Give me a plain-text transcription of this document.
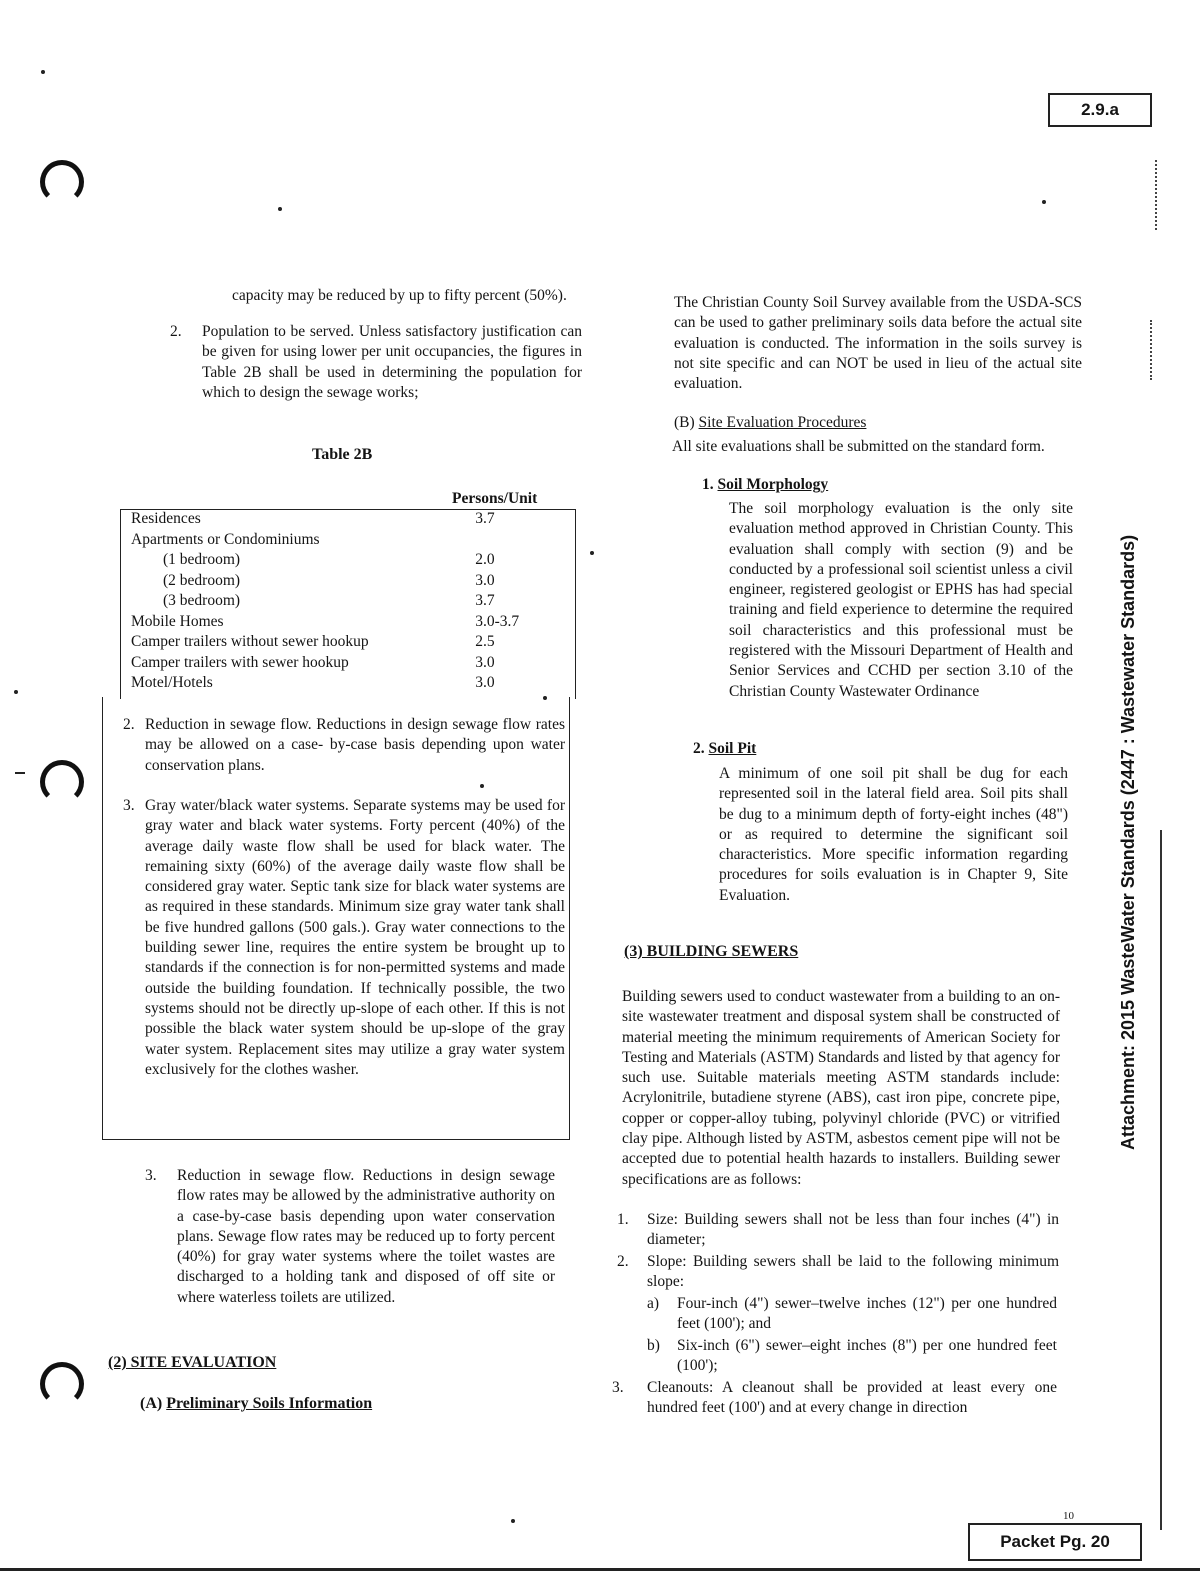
2.9.a
Attachment: 2015 WasteWater Standards (2447 : Wastewater Standards)
capacity may be reduced by up to fifty percent (50%).
2. Population to be served. Unless satisfactory justification can be given for using lower per unit occupancies, the figures in Table 2B shall be used in determining the population for which to design the sewage works;
Table 2B
Persons/Unit
Residences	3.7
Apartments or Condominiums
(1 bedroom)	2.0
(2 bedroom)	3.0
(3 bedroom)	3.7
Mobile Homes	3.0-3.7
Camper trailers without sewer hookup	2.5
Camper trailers with sewer hookup	3.0
Motel/Hotels	3.0
2. Reduction in sewage flow. Reductions in design sewage flow rates may be allowed on a case- by-case basis depending upon water conservation plans.
3. Gray water/black water systems. Separate systems may be used for gray water and black water systems. Forty percent (40%) of the average daily waste flow shall be used for black water. The remaining sixty (60%) of the average daily waste flow shall be considered gray water. Septic tank size for black water systems are as required in these standards. Minimum size gray water tank shall be five hundred gallons (500 gals.). Gray water connections to the building sewer line, requires the entire system be brought up to standards if the connection is for non-permitted systems and made outside the building foundation. If technically possible, the two systems should not be directly up-slope of each other. If this is not possible the black water system should be up-slope of the gray water system. Replacement sites may utilize a gray water system exclusively for the clothes washer.
3. Reduction in sewage flow. Reductions in design sewage flow rates may be allowed by the administrative authority on a case-by-case basis depending upon water conservation plans. Sewage flow rates may be reduced up to forty percent (40%) for gray water systems where the toilet wastes are discharged to a holding tank and disposed of off site or where waterless toilets are utilized.
(2) SITE EVALUATION
(A) Preliminary Soils Information
The Christian County Soil Survey available from the USDA-SCS can be used to gather preliminary soils data before the actual site evaluation is conducted. The information in the soils survey is not site specific and can NOT be used in lieu of the actual site evaluation.
(B) Site Evaluation Procedures
All site evaluations shall be submitted on the standard form.
1. Soil Morphology
The soil morphology evaluation is the only site evaluation method approved in Christian County. This evaluation shall comply with section (9) and be conducted by a professional soil scientist unless a civil engineer, registered geologist or EPHS has had special training and field experience to determine the required soil characteristics and this professional must be registered with the Missouri Department of Health and Senior Services and CCHD per section 3.10 of the Christian County Wastewater Ordinance
2. Soil Pit
A minimum of one soil pit shall be dug for each represented soil in the lateral field area. Soil pits shall be dug to a minimum depth of forty-eight inches (48") or as required to determine the significant soil characteristics. More specific information regarding procedures for soils evaluation is in Chapter 9, Site Evaluation.
(3) BUILDING SEWERS
Building sewers used to conduct wastewater from a building to an on-site wastewater treatment and disposal system shall be constructed of material meeting the minimum requirements of American Society for Testing and Materials (ASTM) Standards and listed by that agency for such use. Suitable materials meeting ASTM standards include: Acrylonitrile, butadiene styrene (ABS), cast iron pipe, concrete pipe, copper or copper-alloy tubing, polyvinyl chloride (PVC) or vitrified clay pipe. Although listed by ASTM, asbestos cement pipe will not be accepted due to potential health hazards to installers. Building sewer specifications are as follows:
1. Size: Building sewers shall not be less than four inches (4") in diameter;
2. Slope: Building sewers shall be laid to the following minimum slope:
a) Four-inch (4") sewer–twelve inches (12") per one hundred feet (100'); and
b) Six-inch (6") sewer–eight inches (8") per one hundred feet (100');
3. Cleanouts: A cleanout shall be provided at least every one hundred feet (100') and at every change in direction
10
Packet Pg. 20
